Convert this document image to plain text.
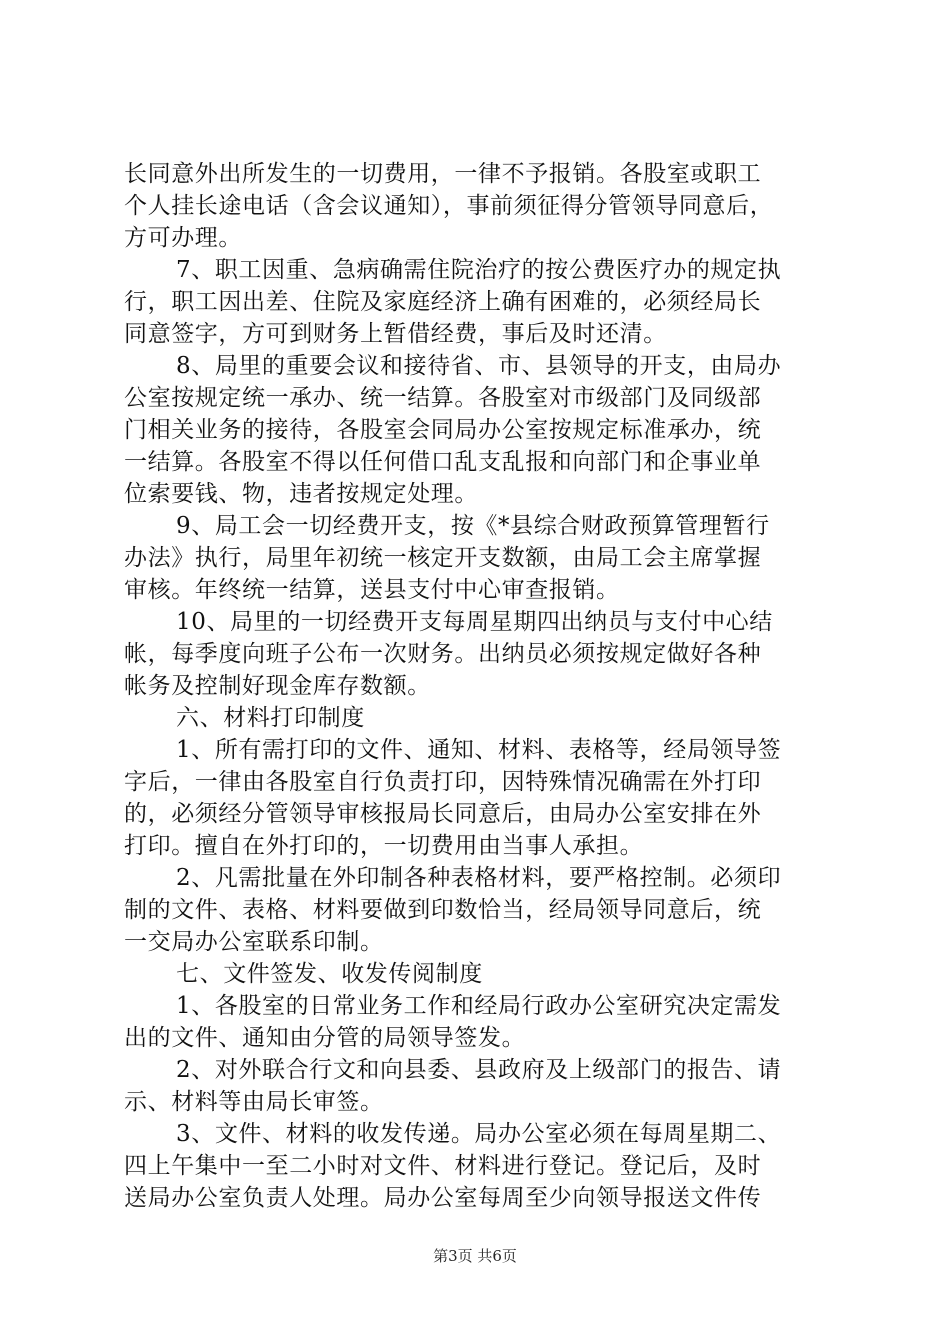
长同意外出所发生的一切费用，一律不予报销。各股室或职工
个人挂长途电话（含会议通知），事前须征得分管领导同意后，
方可办理。
7、职工因重、急病确需住院治疗的按公费医疗办的规定执
行，职工因出差、住院及家庭经济上确有困难的，必须经局长
同意签字，方可到财务上暂借经费，事后及时还清。
8、局里的重要会议和接待省、市、县领导的开支，由局办
公室按规定统一承办、统一结算。各股室对市级部门及同级部
门相关业务的接待，各股室会同局办公室按规定标准承办，统
一结算。各股室不得以任何借口乱支乱报和向部门和企事业单
位索要钱、物，违者按规定处理。
9、局工会一切经费开支，按《*县综合财政预算管理暂行
办法》执行，局里年初统一核定开支数额，由局工会主席掌握
审核。年终统一结算，送县支付中心审查报销。
10、局里的一切经费开支每周星期四出纳员与支付中心结
帐，每季度向班子公布一次财务。出纳员必须按规定做好各种
帐务及控制好现金库存数额。
六、材料打印制度
1、所有需打印的文件、通知、材料、表格等，经局领导签
字后，一律由各股室自行负责打印，因特殊情况确需在外打印
的，必须经分管领导审核报局长同意后，由局办公室安排在外
打印。擅自在外打印的，一切费用由当事人承担。
2、凡需批量在外印制各种表格材料，要严格控制。必须印
制的文件、表格、材料要做到印数恰当，经局领导同意后，统
一交局办公室联系印制。
七、文件签发、收发传阅制度
1、各股室的日常业务工作和经局行政办公室研究决定需发
出的文件、通知由分管的局领导签发。
2、对外联合行文和向县委、县政府及上级部门的报告、请
示、材料等由局长审签。
3、文件、材料的收发传递。局办公室必须在每周星期二、
四上午集中一至二小时对文件、材料进行登记。登记后，及时
送局办公室负责人处理。局办公室每周至少向领导报送文件传
第3页 共6页
